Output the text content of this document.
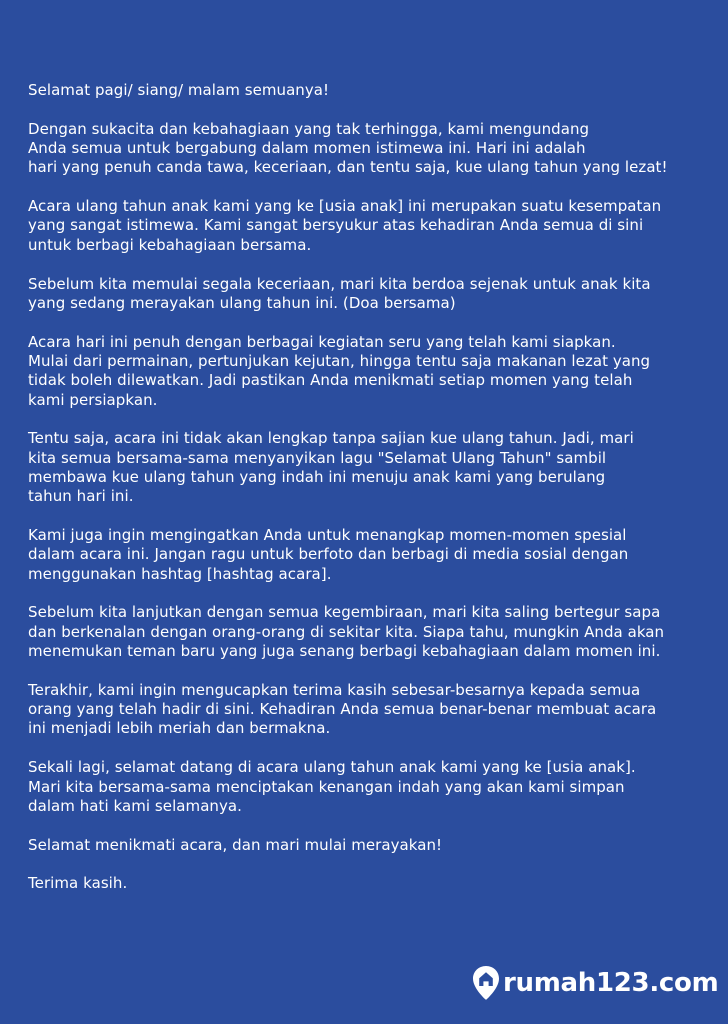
Selamat pagi/ siang/ malam semuanya!
Dengan sukacita dan kebahagiaan yang tak terhingga, kami mengundang
Anda semua untuk bergabung dalam momen istimewa ini. Hari ini adalah
hari yang penuh canda tawa, keceriaan, dan tentu saja, kue ulang tahun yang lezat!
Acara ulang tahun anak kami yang ke [usia anak] ini merupakan suatu kesempatan
yang sangat istimewa. Kami sangat bersyukur atas kehadiran Anda semua di sini
untuk berbagi kebahagiaan bersama.
Sebelum kita memulai segala keceriaan, mari kita berdoa sejenak untuk anak kita
yang sedang merayakan ulang tahun ini. (Doa bersama)
Acara hari ini penuh dengan berbagai kegiatan seru yang telah kami siapkan.
Mulai dari permainan, pertunjukan kejutan, hingga tentu saja makanan lezat yang
tidak boleh dilewatkan. Jadi pastikan Anda menikmati setiap momen yang telah
kami persiapkan.
Tentu saja, acara ini tidak akan lengkap tanpa sajian kue ulang tahun. Jadi, mari
kita semua bersama-sama menyanyikan lagu "Selamat Ulang Tahun" sambil
membawa kue ulang tahun yang indah ini menuju anak kami yang berulang
tahun hari ini.
Kami juga ingin mengingatkan Anda untuk menangkap momen-momen spesial
dalam acara ini. Jangan ragu untuk berfoto dan berbagi di media sosial dengan
menggunakan hashtag [hashtag acara].
Sebelum kita lanjutkan dengan semua kegembiraan, mari kita saling bertegur sapa
dan berkenalan dengan orang-orang di sekitar kita. Siapa tahu, mungkin Anda akan
menemukan teman baru yang juga senang berbagi kebahagiaan dalam momen ini.
Terakhir, kami ingin mengucapkan terima kasih sebesar-besarnya kepada semua
orang yang telah hadir di sini. Kehadiran Anda semua benar-benar membuat acara
ini menjadi lebih meriah dan bermakna.
Sekali lagi, selamat datang di acara ulang tahun anak kami yang ke [usia anak].
Mari kita bersama-sama menciptakan kenangan indah yang akan kami simpan
dalam hati kami selamanya.
Selamat menikmati acara, dan mari mulai merayakan!
Terima kasih.
rumah123.com
